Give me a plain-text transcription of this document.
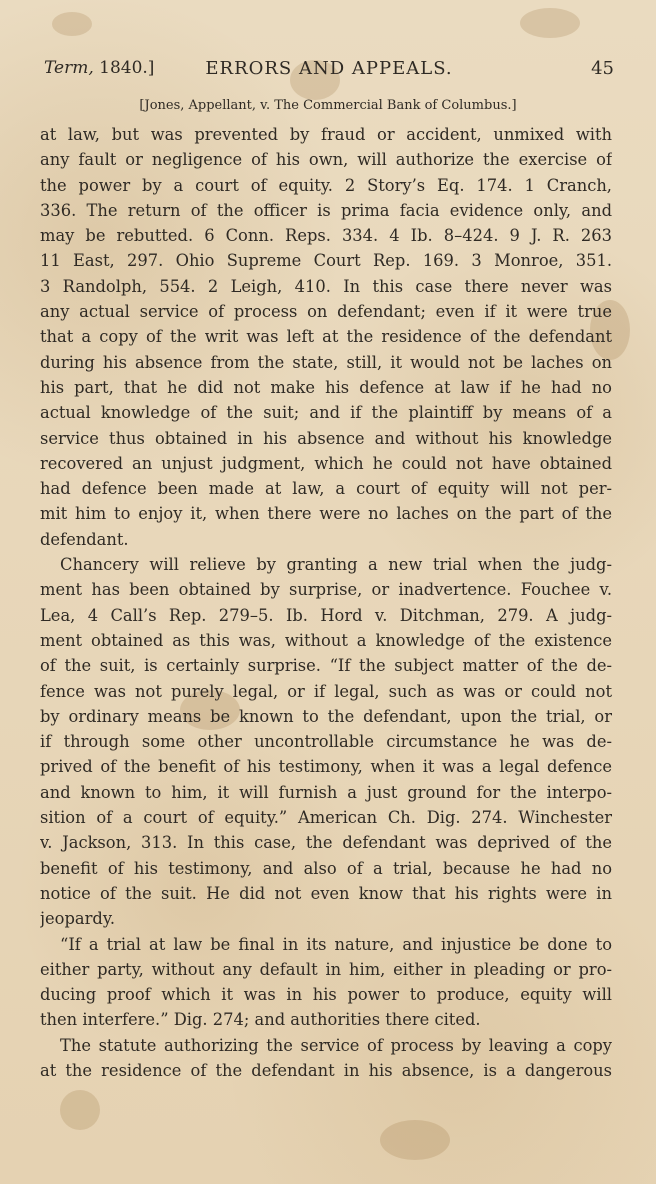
Term, 1840.]	ERRORS AND APPEALS.	45
[Jones, Appellant, v. The Commercial Bank of Columbus.]
at law, but was prevented by fraud or accident, unmixed with
any fault or negligence of his own, will authorize the exercise of
the power by a court of equity. 2 Story’s Eq. 174. 1 Cranch,
336. The return of the officer is prima facia evidence only, and
may be rebutted. 6 Conn. Reps. 334. 4 Ib. 8–424. 9 J. R. 263
11 East, 297. Ohio Supreme Court Rep. 169. 3 Monroe, 351.
3 Randolph, 554. 2 Leigh, 410. In this case there never was
any actual service of process on defendant; even if it were true
that a copy of the writ was left at the residence of the defendant
during his absence from the state, still, it would not be laches on
his part, that he did not make his defence at law if he had no
actual knowledge of the suit; and if the plaintiff by means of a
service thus obtained in his absence and without his knowledge
recovered an unjust judgment, which he could not have obtained
had defence been made at law, a court of equity will not per-
mit him to enjoy it, when there were no laches on the part of the
defendant.
Chancery will relieve by granting a new trial when the judg-
ment has been obtained by surprise, or inadvertence. Fouchee v.
Lea, 4 Call’s Rep. 279–5. Ib. Hord v. Ditchman, 279. A judg-
ment obtained as this was, without a knowledge of the existence
of the suit, is certainly surprise. “If the subject matter of the de-
fence was not purely legal, or if legal, such as was or could not
by ordinary means be known to the defendant, upon the trial, or
if through some other uncontrollable circumstance he was de-
prived of the benefit of his testimony, when it was a legal defence
and known to him, it will furnish a just ground for the interpo-
sition of a court of equity.” American Ch. Dig. 274. Winchester
v. Jackson, 313. In this case, the defendant was deprived of the
benefit of his testimony, and also of a trial, because he had no
notice of the suit. He did not even know that his rights were in
jeopardy.
“If a trial at law be final in its nature, and injustice be done to
either party, without any default in him, either in pleading or pro-
ducing proof which it was in his power to produce, equity will
then interfere.” Dig. 274; and authorities there cited.
The statute authorizing the service of process by leaving a copy
at the residence of the defendant in his absence, is a dangerous
